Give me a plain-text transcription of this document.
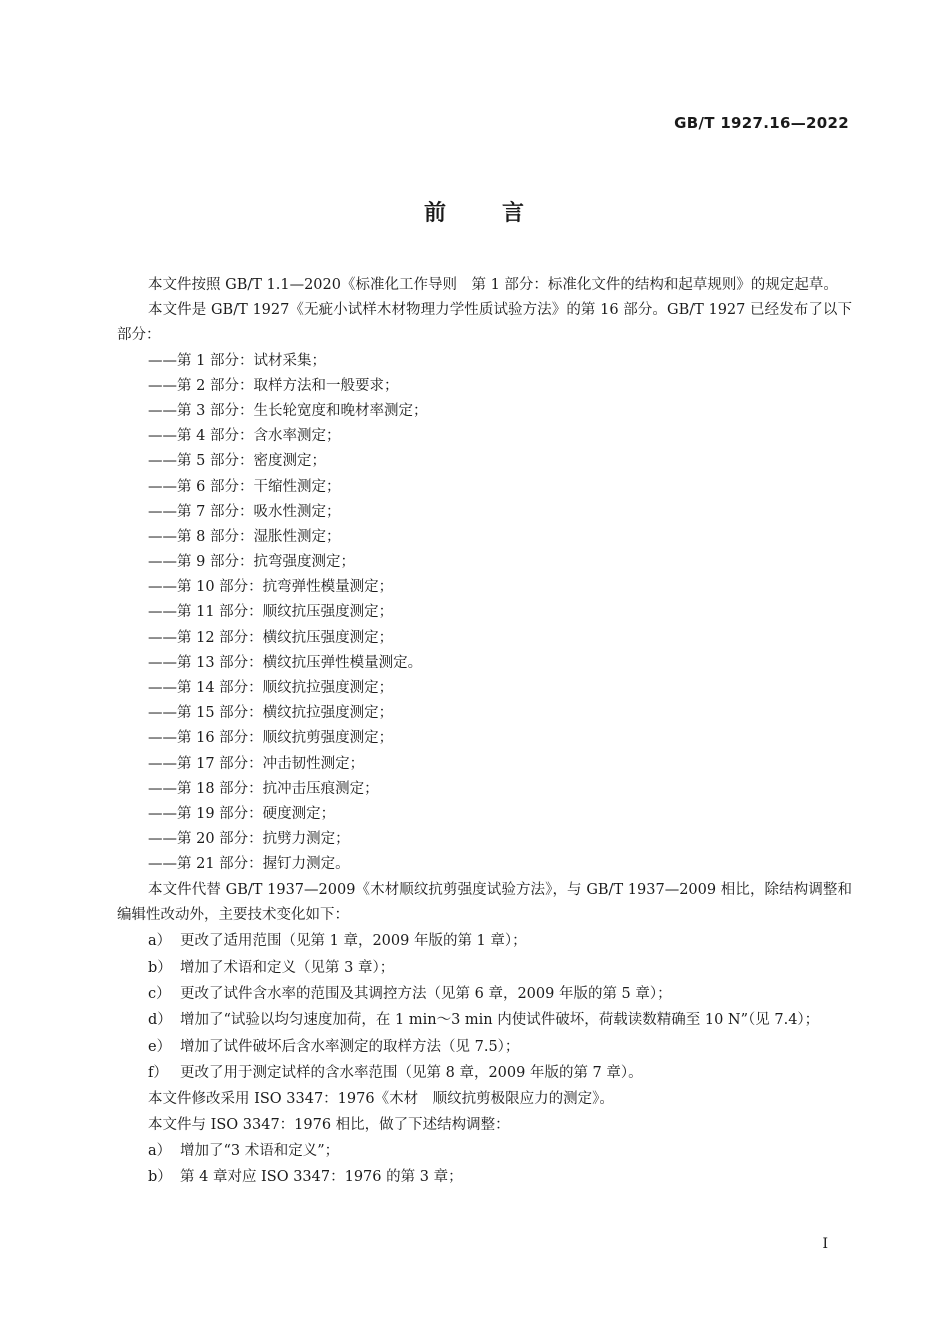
GB/T 1927.16—2022
前 言

本文件按照 GB/T 1.1—2020《标准化工作导则　第 1 部分：标准化文件的结构和起草规则》的规定起草。

本文件是 GB/T 1927《无疵小试样木材物理力学性质试验方法》的第 16 部分。GB/T 1927 已经发布了以下部分：

——第 1 部分：试材采集；
——第 2 部分：取样方法和一般要求；
——第 3 部分：生长轮宽度和晚材率测定；
——第 4 部分：含水率测定；
——第 5 部分：密度测定；
——第 6 部分：干缩性测定；
——第 7 部分：吸水性测定；
——第 8 部分：湿胀性测定；
——第 9 部分：抗弯强度测定；
——第 10 部分：抗弯弹性模量测定；
——第 11 部分：顺纹抗压强度测定；
——第 12 部分：横纹抗压强度测定；
——第 13 部分：横纹抗压弹性模量测定。
——第 14 部分：顺纹抗拉强度测定；
——第 15 部分：横纹抗拉强度测定；
——第 16 部分：顺纹抗剪强度测定；
——第 17 部分：冲击韧性测定；
——第 18 部分：抗冲击压痕测定；
——第 19 部分：硬度测定；
——第 20 部分：抗劈力测定；
——第 21 部分：握钉力测定。

本文件代替 GB/T 1937—2009《木材顺纹抗剪强度试验方法》，与 GB/T 1937—2009 相比，除结构调整和编辑性改动外，主要技术变化如下：

a） 更改了适用范围（见第 1 章，2009 年版的第 1 章）；
b） 增加了术语和定义（见第 3 章）；
c） 更改了试件含水率的范围及其调控方法（见第 6 章，2009 年版的第 5 章）；
d） 增加了“试验以均匀速度加荷，在 1 min～3 min 内使试件破坏，荷载读数精确至 10 N”（见 7.4）；
e） 增加了试件破坏后含水率测定的取样方法（见 7.5）；
f） 更改了用于测定试样的含水率范围（见第 8 章，2009 年版的第 7 章）。

本文件修改采用 ISO 3347：1976《木材　顺纹抗剪极限应力的测定》。

本文件与 ISO 3347：1976 相比，做了下述结构调整：

a） 增加了“3 术语和定义”；
b） 第 4 章对应 ISO 3347：1976 的第 3 章；
I
